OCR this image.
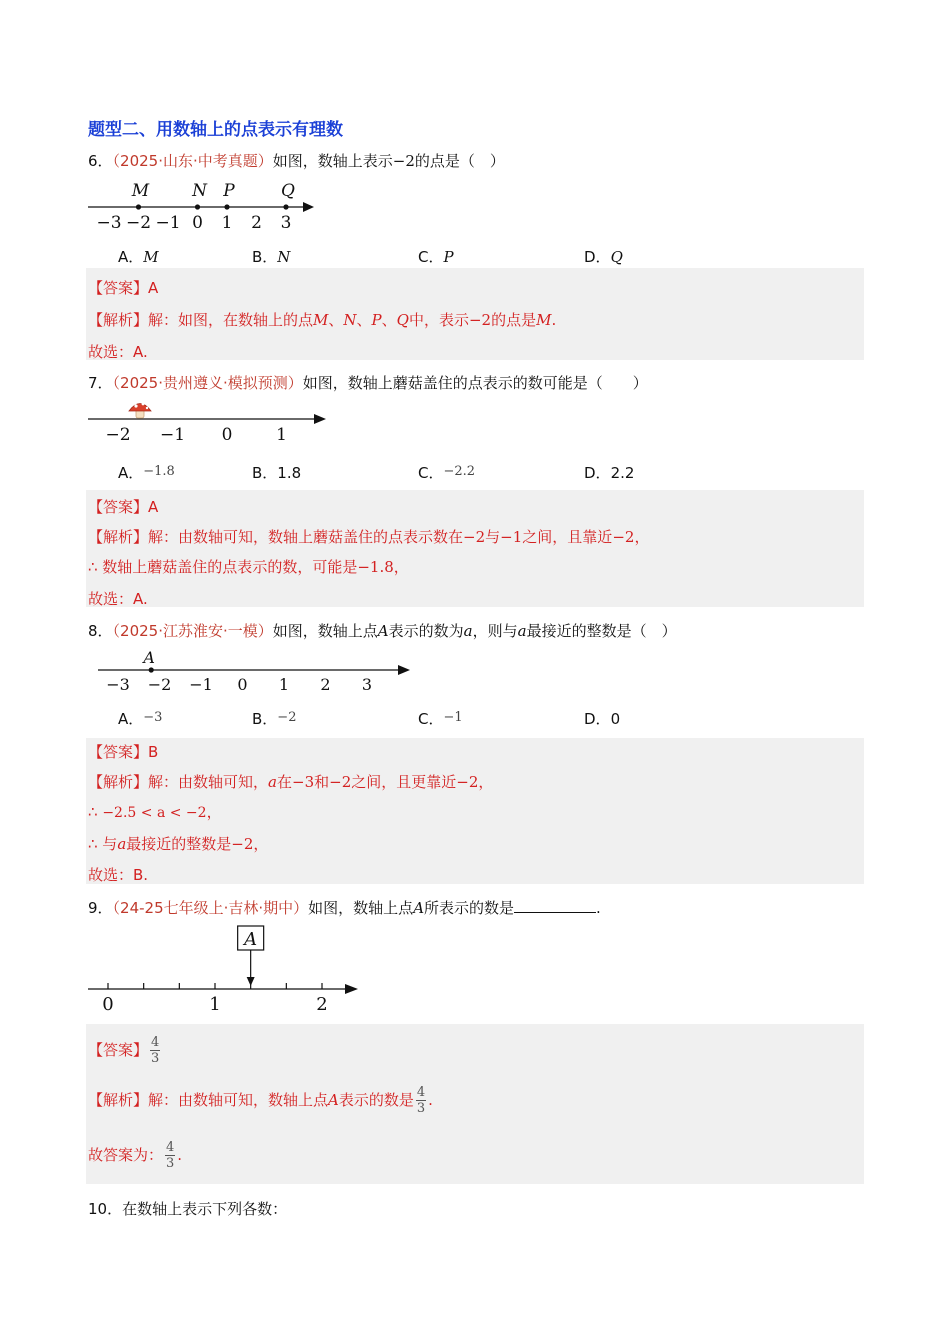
题型二、用数轴上的点表示有理数
6．（2025·山东·中考真题）如图，数轴上表示−2的点是（　）
−3 −2 −1 0 1 2 3
M	N P	Q
A．M	B．N	C．P	D．Q
【答案】A
【解析】解：如图，在数轴上的点M、N、P、Q中，表示−2的点是M.
故选：A.
7．（2025·贵州遵义·模拟预测）如图，数轴上蘑菇盖住的点表示的数可能是（　　）
−2 −1 0	1
A．−1.8	B．1.8	C．−2.2	D．2.2
【答案】A
【解析】解：由数轴可知，数轴上蘑菇盖住的点表示数在−2与−1之间，且靠近−2，
∴ 数轴上蘑菇盖住的点表示的数，可能是−1.8，
故选：A.
8．（2025·江苏淮安·一模）如图，数轴上点A表示的数为a，则与a最接近的整数是（　）
−3 −2 −1 0 1 2 3
A
A．−3	B．−2	C．−1	D．0
【答案】B
【解析】解：由数轴可知，a在−3和−2之间，且更靠近−2，
∴ −2.5 < a < −2，
∴ 与a最接近的整数是−2，
故选：B.
9．（24-25七年级上·吉林·期中）如图，数轴上点A所表示的数是	.
0	1	2
A
【答案】 $\frac{4}{3}$
【解析】解：由数轴可知，数轴上点A表示的数是 $\frac{4}{3}$ .
故答案为： $\frac{4}{3}$ .
10．在数轴上表示下列各数：
